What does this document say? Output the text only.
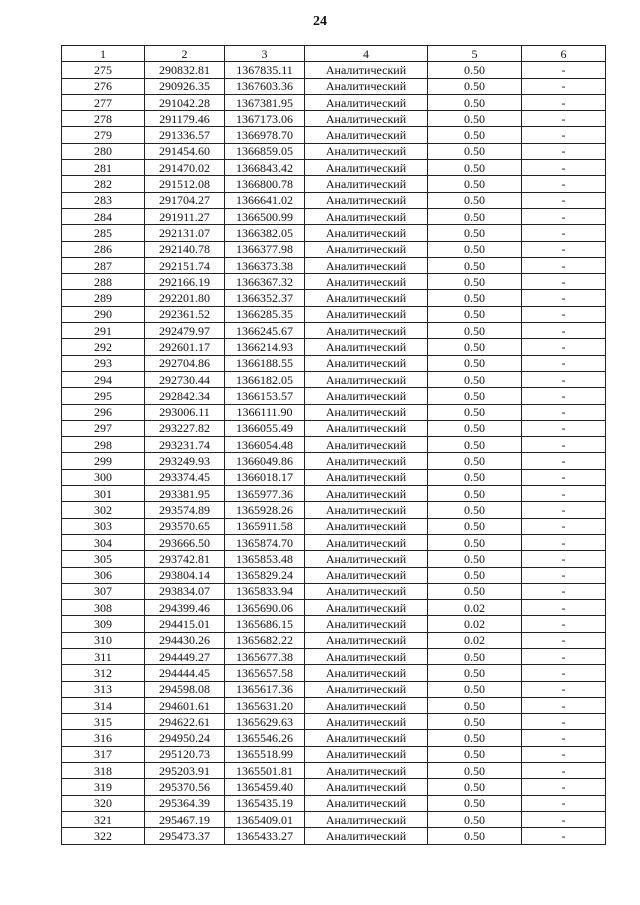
24
1	2	3	4	5	6
275	290832.81	1367835.11	Аналитический	0.50	-
276	290926.35	1367603.36	Аналитический	0.50	-
277	291042.28	1367381.95	Аналитический	0.50	-
278	291179.46	1367173.06	Аналитический	0.50	-
279	291336.57	1366978.70	Аналитический	0.50	-
280	291454.60	1366859.05	Аналитический	0.50	-
281	291470.02	1366843.42	Аналитический	0.50	-
282	291512.08	1366800.78	Аналитический	0.50	-
283	291704.27	1366641.02	Аналитический	0.50	-
284	291911.27	1366500.99	Аналитический	0.50	-
285	292131.07	1366382.05	Аналитический	0.50	-
286	292140.78	1366377.98	Аналитический	0.50	-
287	292151.74	1366373.38	Аналитический	0.50	-
288	292166.19	1366367.32	Аналитический	0.50	-
289	292201.80	1366352.37	Аналитический	0.50	-
290	292361.52	1366285.35	Аналитический	0.50	-
291	292479.97	1366245.67	Аналитический	0.50	-
292	292601.17	1366214.93	Аналитический	0.50	-
293	292704.86	1366188.55	Аналитический	0.50	-
294	292730.44	1366182.05	Аналитический	0.50	-
295	292842.34	1366153.57	Аналитический	0.50	-
296	293006.11	1366111.90	Аналитический	0.50	-
297	293227.82	1366055.49	Аналитический	0.50	-
298	293231.74	1366054.48	Аналитический	0.50	-
299	293249.93	1366049.86	Аналитический	0.50	-
300	293374.45	1366018.17	Аналитический	0.50	-
301	293381.95	1365977.36	Аналитический	0.50	-
302	293574.89	1365928.26	Аналитический	0.50	-
303	293570.65	1365911.58	Аналитический	0.50	-
304	293666.50	1365874.70	Аналитический	0.50	-
305	293742.81	1365853.48	Аналитический	0.50	-
306	293804.14	1365829.24	Аналитический	0.50	-
307	293834.07	1365833.94	Аналитический	0.50	-
308	294399.46	1365690.06	Аналитический	0.02	-
309	294415.01	1365686.15	Аналитический	0.02	-
310	294430.26	1365682.22	Аналитический	0.02	-
311	294449.27	1365677.38	Аналитический	0.50	-
312	294444.45	1365657.58	Аналитический	0.50	-
313	294598.08	1365617.36	Аналитический	0.50	-
314	294601.61	1365631.20	Аналитический	0.50	-
315	294622.61	1365629.63	Аналитический	0.50	-
316	294950.24	1365546.26	Аналитический	0.50	-
317	295120.73	1365518.99	Аналитический	0.50	-
318	295203.91	1365501.81	Аналитический	0.50	-
319	295370.56	1365459.40	Аналитический	0.50	-
320	295364.39	1365435.19	Аналитический	0.50	-
321	295467.19	1365409.01	Аналитический	0.50	-
322	295473.37	1365433.27	Аналитический	0.50	-
